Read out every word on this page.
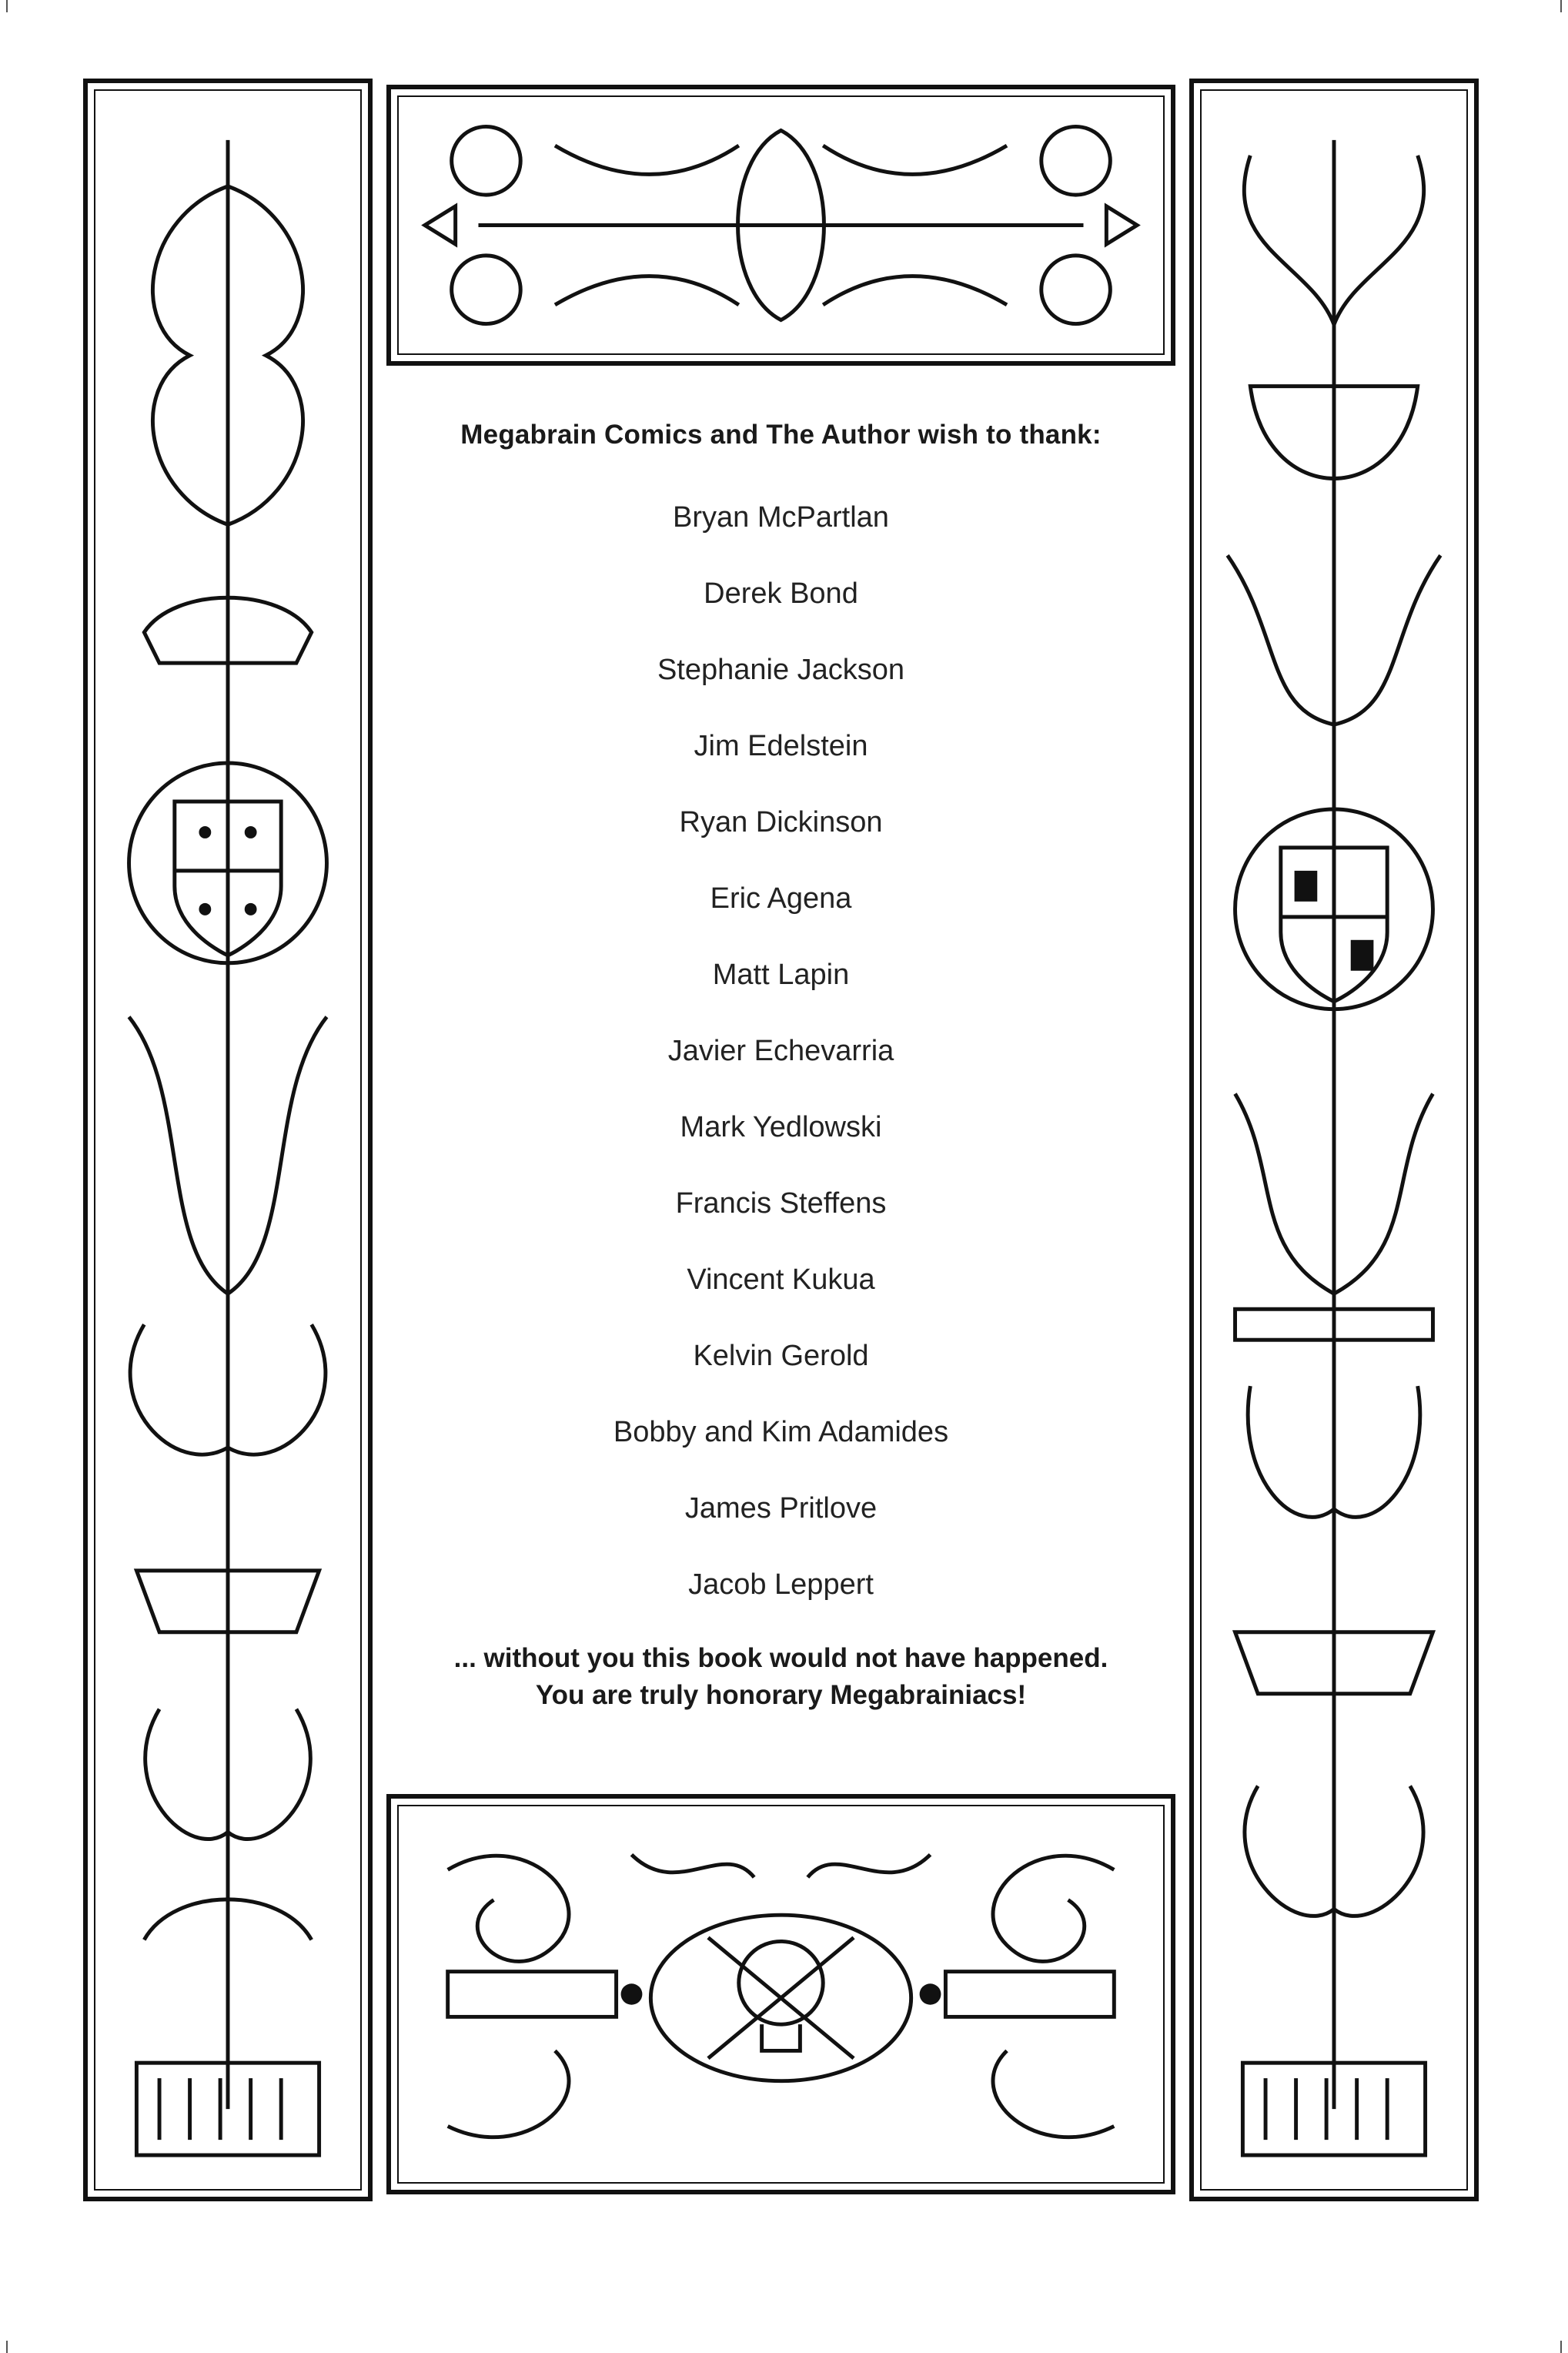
Megabrain Comics and The Author wish to thank:
Bryan McPartlan
Derek Bond
Stephanie Jackson
Jim Edelstein
Ryan Dickinson
Eric Agena
Matt Lapin
Javier Echevarria
Mark Yedlowski
Francis Steffens
Vincent Kukua
Kelvin Gerold
Bobby and Kim Adamides
James Pritlove
Jacob Leppert
... without you this book would not have happened.
You are truly honorary Megabrainiacs!
